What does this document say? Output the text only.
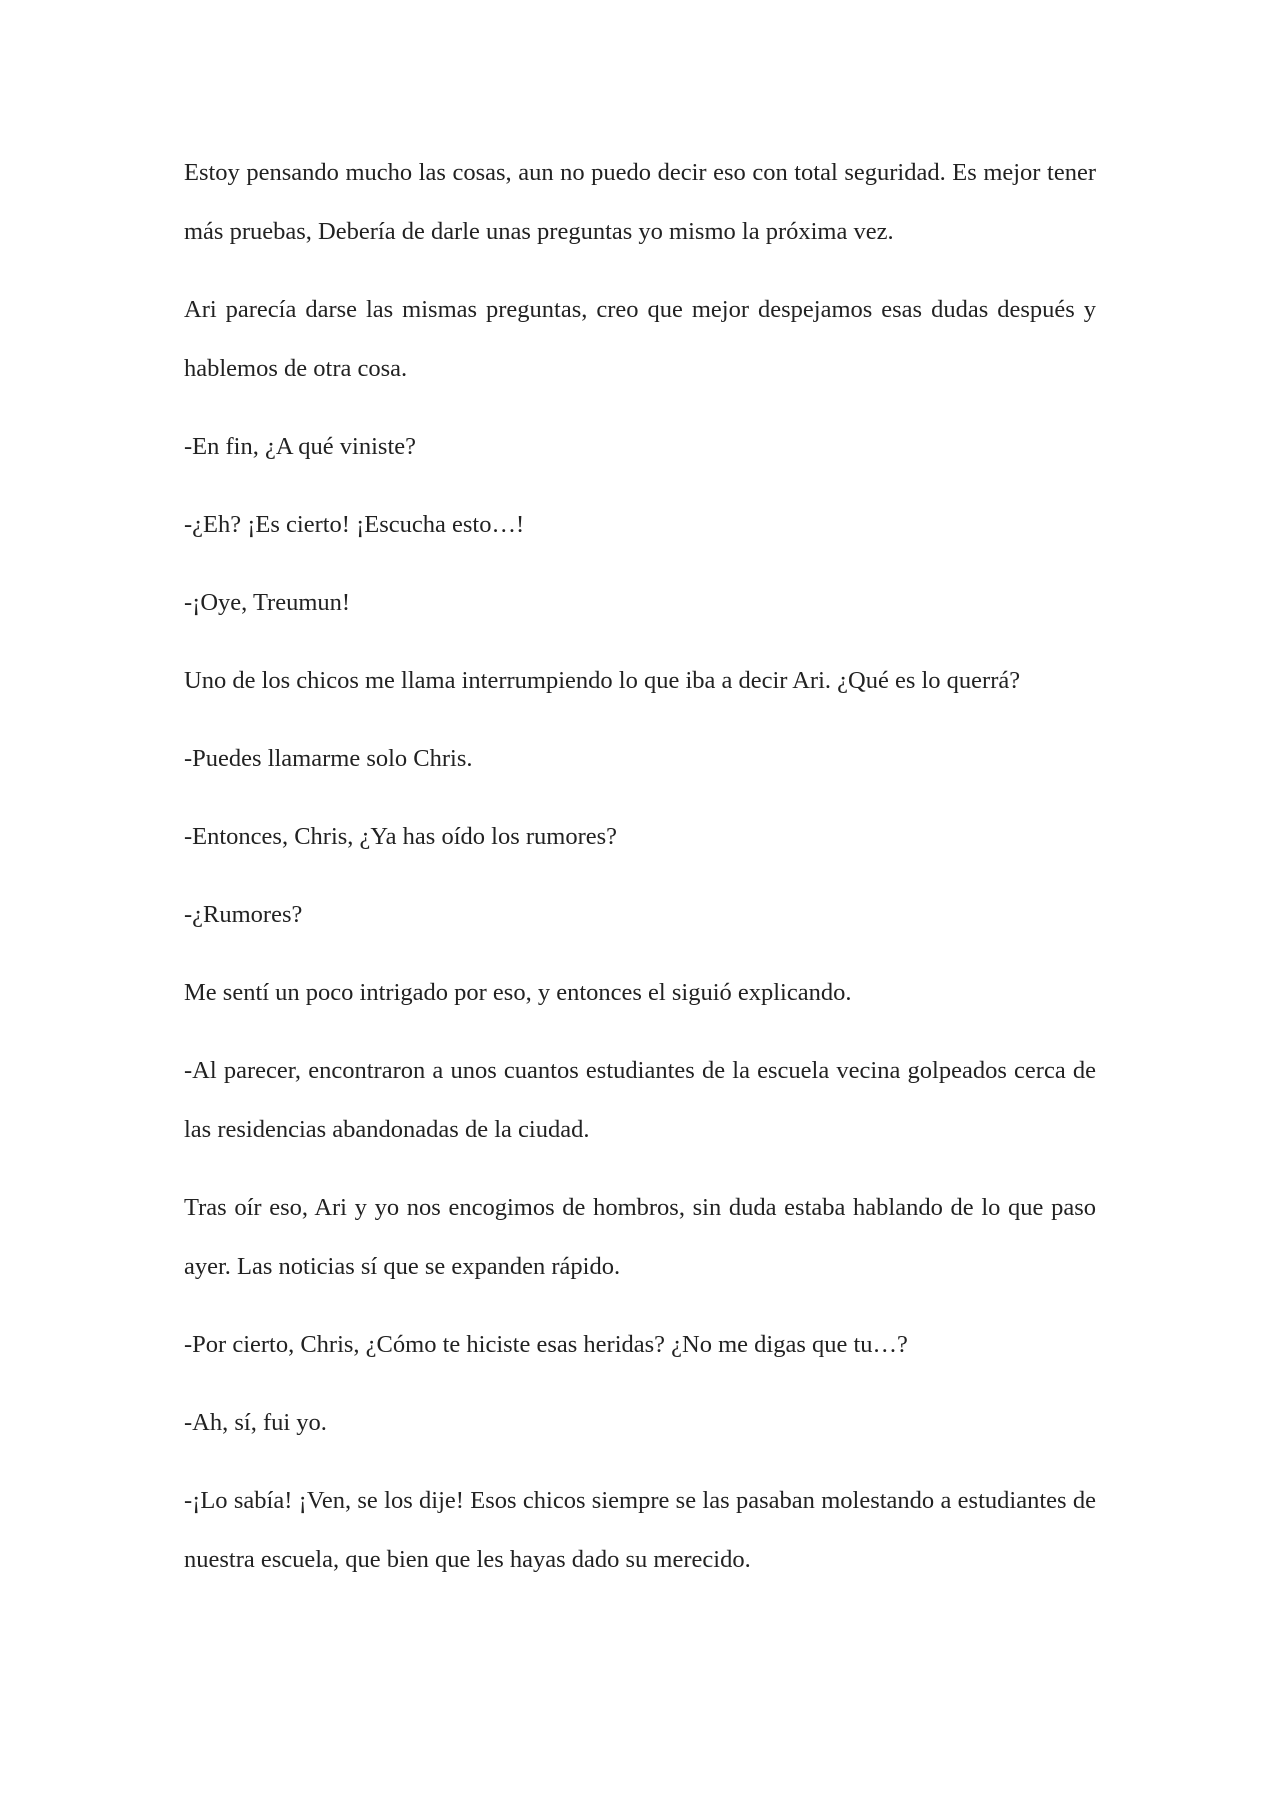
Estoy pensando mucho las cosas, aun no puedo decir eso con total seguridad. Es mejor tener más pruebas, Debería de darle unas preguntas yo mismo la próxima vez.

Ari parecía darse las mismas preguntas, creo que mejor despejamos esas dudas después y hablemos de otra cosa.

-En fin, ¿A qué viniste?

-¿Eh? ¡Es cierto! ¡Escucha esto…!

-¡Oye, Treumun!

Uno de los chicos me llama interrumpiendo lo que iba a decir Ari. ¿Qué es lo querrá?

-Puedes llamarme solo Chris.

-Entonces, Chris, ¿Ya has oído los rumores?

-¿Rumores?

Me sentí un poco intrigado por eso, y entonces el siguió explicando.

-Al parecer, encontraron a unos cuantos estudiantes de la escuela vecina golpeados cerca de las residencias abandonadas de la ciudad.

Tras oír eso, Ari y yo nos encogimos de hombros, sin duda estaba hablando de lo que paso ayer. Las noticias sí que se expanden rápido.

-Por cierto, Chris, ¿Cómo te hiciste esas heridas? ¿No me digas que tu…?

-Ah, sí, fui yo.

-¡Lo sabía! ¡Ven, se los dije! Esos chicos siempre se las pasaban molestando a estudiantes de nuestra escuela, que bien que les hayas dado su merecido.
